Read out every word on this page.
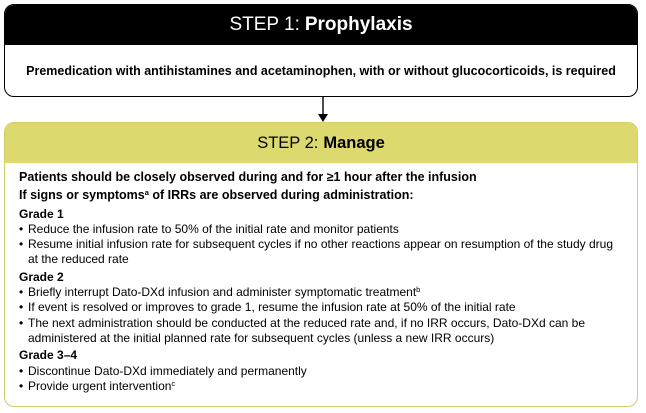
STEP 1: Prophylaxis
Premedication with antihistamines and acetaminophen, with or without glucocorticoids, is required
STEP 2: Manage
Patients should be closely observed during and for ≥1 hour after the infusion
If signs or symptoms$^a$ of IRRs are observed during administration:
Grade 1
• Reduce the infusion rate to 50% of the initial rate and monitor patients
• Resume initial infusion rate for subsequent cycles if no other reactions appear on resumption of the study drug at the reduced rate
Grade 2
• Briefly interrupt Dato-DXd infusion and administer symptomatic treatment$^b$
• If event is resolved or improves to grade 1, resume the infusion rate at 50% of the initial rate
• The next administration should be conducted at the reduced rate and, if no IRR occurs, Dato-DXd can be administered at the initial planned rate for subsequent cycles (unless a new IRR occurs)
Grade 3–4
• Discontinue Dato-DXd immediately and permanently
• Provide urgent intervention$^c$
